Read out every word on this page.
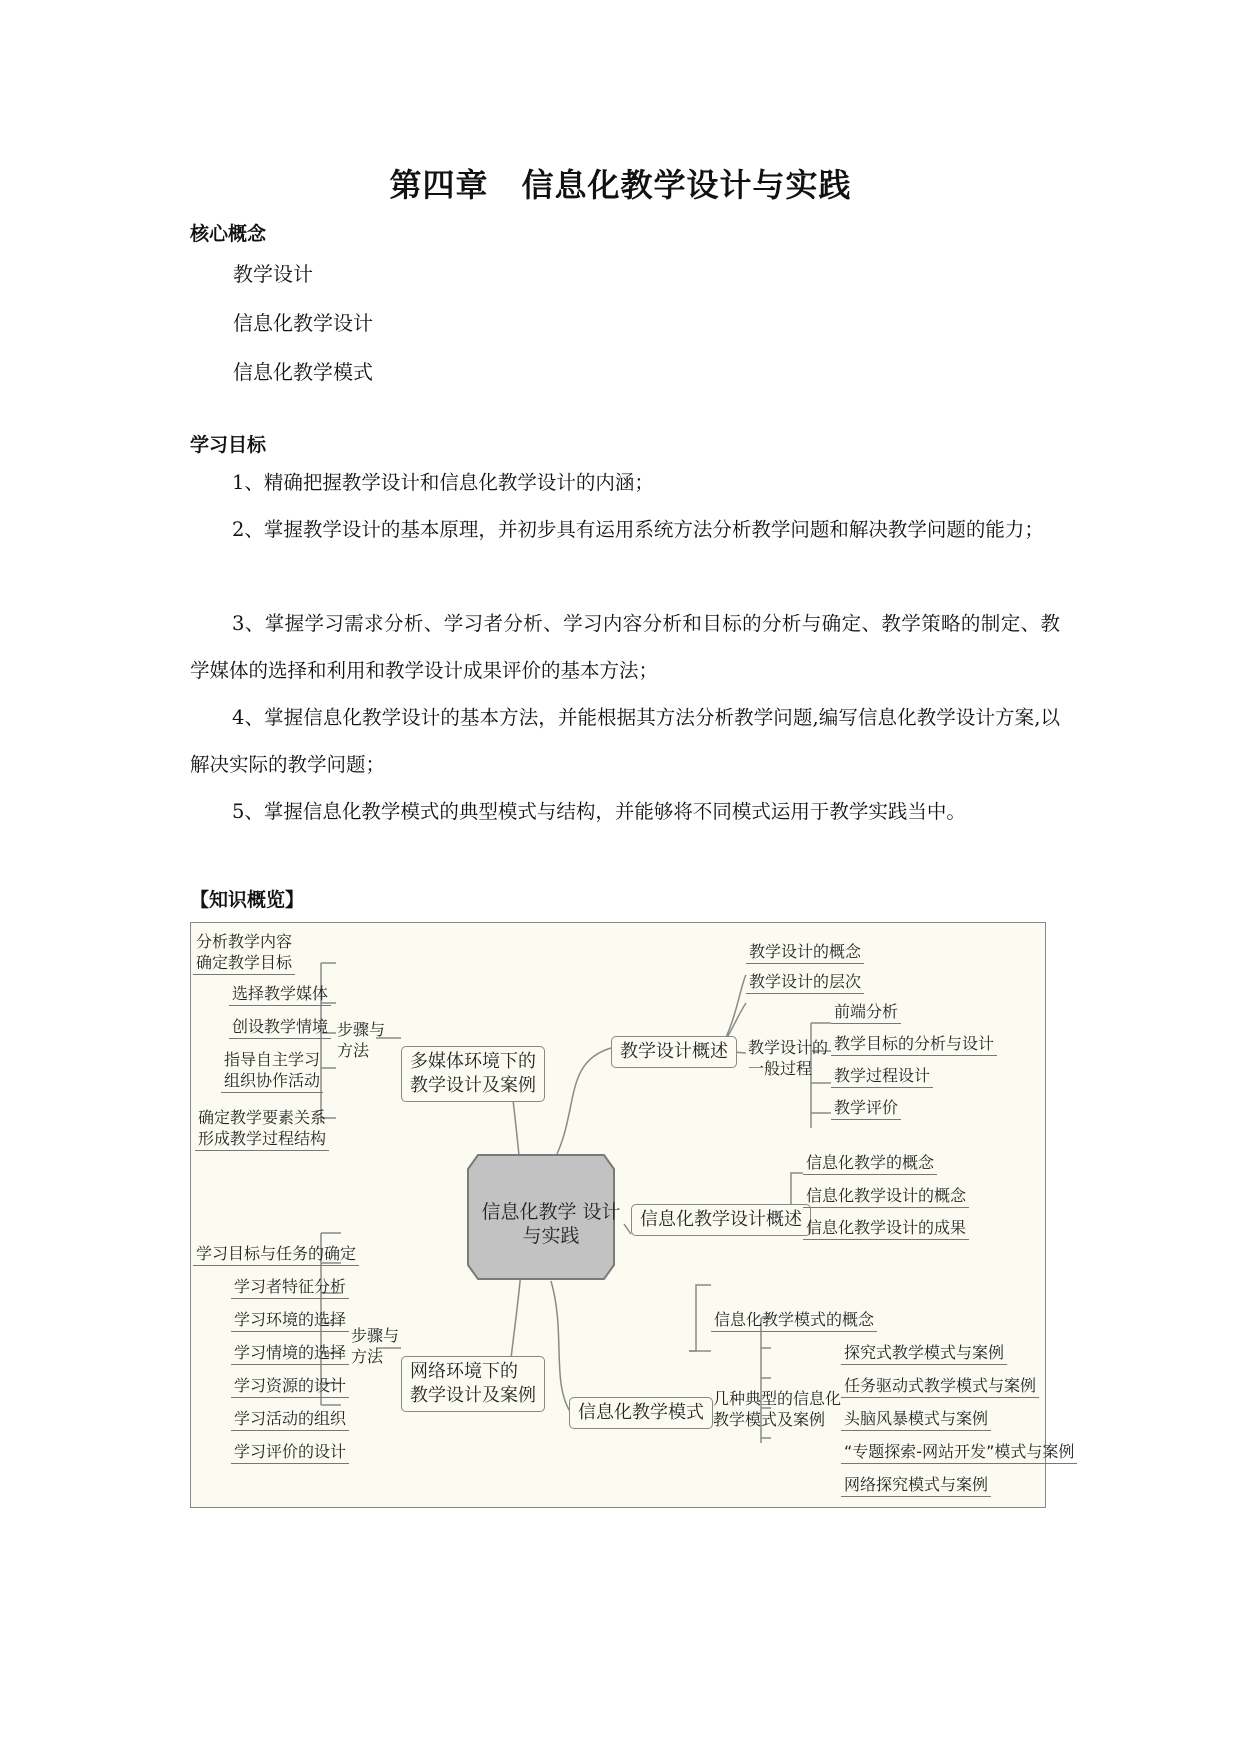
第四章　信息化教学设计与实践
核心概念
教学设计
信息化教学设计
信息化教学模式
学习目标
1、精确把握教学设计和信息化教学设计的内涵；
2、掌握教学设计的基本原理，并初步具有运用系统方法分析教学问题和解决教学问题的能力；
3、掌握学习需求分析、学习者分析、学习内容分析和目标的分析与确定、教学策略的制定、教学媒体的选择和利用和教学设计成果评价的基本方法；
4、掌握信息化教学设计的基本方法，并能根据其方法分析教学问题,编写信息化教学设计方案,以解决实际的教学问题；
5、掌握信息化教学模式的典型模式与结构，并能够将不同模式运用于教学实践当中。
【知识概览】
信息化教学 设计与实践
教学设计概述
教学设计的概念
教学设计的层次
教学设计的
一般过程
前端分析
教学目标的分析与设计
教学过程设计
教学评价
信息化教学设计概述
信息化教学的概念
信息化教学设计的概念
信息化教学设计的成果
信息化教学模式
信息化教学模式的概念
几种典型的信息化
教学模式及案例
探究式教学模式与案例
任务驱动式教学模式与案例
头脑风暴模式与案例
“专题探索-网站开发”模式与案例
网络探究模式与案例
多媒体环境下的
教学设计及案例
步骤与
方法
分析教学内容
确定教学目标
选择教学媒体
创设教学情境
指导自主学习
组织协作活动
确定教学要素关系
形成教学过程结构
网络环境下的
教学设计及案例
步骤与
方法
学习目标与任务的确定
学习者特征分析
学习环境的选择
学习情境的选择
学习资源的设计
学习活动的组织
学习评价的设计
